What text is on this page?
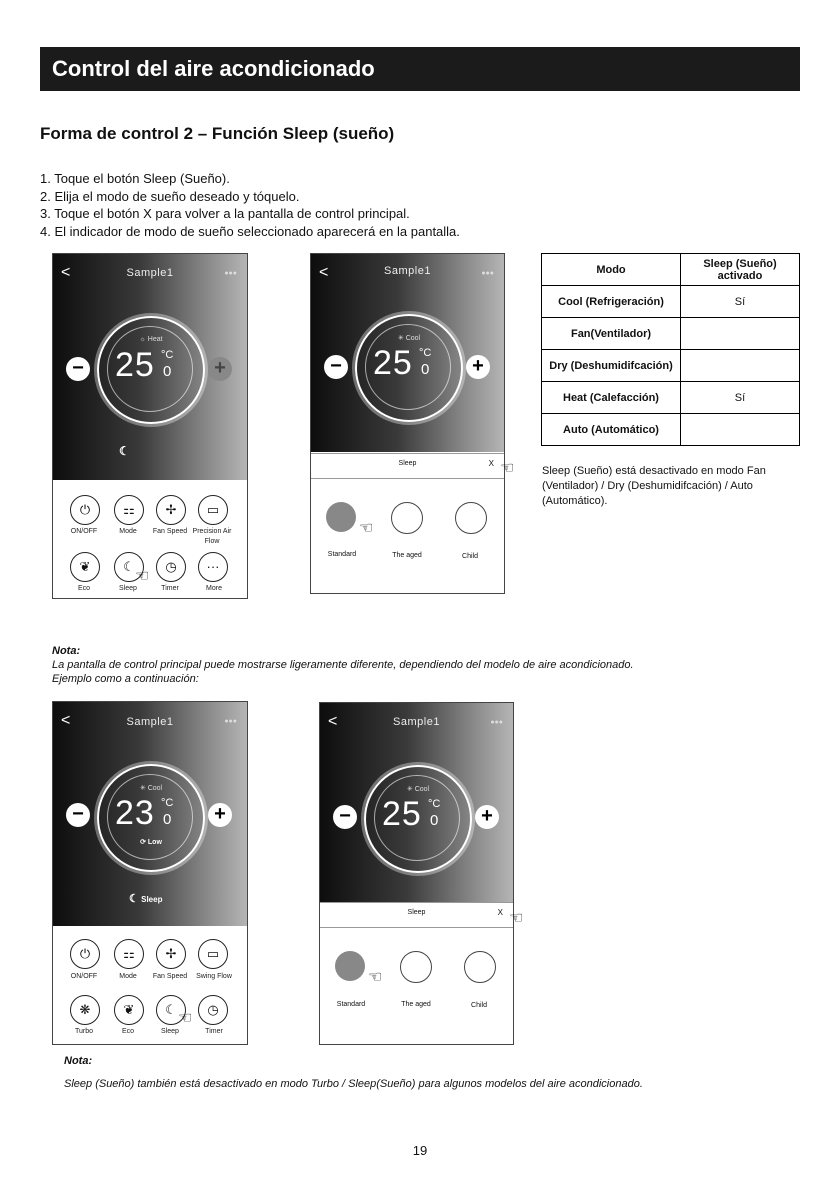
Control del aire acondicionado
Forma de control 2 – Función Sleep (sueño)
1. Toque el botón Sleep (Sueño).
2. Elija el modo de sueño deseado y tóquelo.
3. Toque el botón X para volver a la pantalla de control principal.
4. El indicador de modo de sueño seleccionado aparecerá en la pantalla.
<	Sample1	●●●
☼ Heat
25 °C
0
−	+
☾
⏻	⚏	✢	▭
ON/OFF	Mode	Fan Speed Precision Air Flow
❦	☾	◷	···
Eco	Sleep	Timer	More
☜
<	Sample1	●●●
✳ Cool
25 °C
0
−	+
Sleep	X
Standard	The aged	Child
☜
☜
Modo	Sleep (Sueño) activado
Cool (Refrigeración)	Sí
Fan(Ventilador)	
Dry (Deshumidifcación)	
Heat (Calefacción)	Sí
Auto (Automático)	
Sleep (Sueño) está desactivado en modo Fan (Ventilador) / Dry (Deshumidifcación) / Auto (Automático).
Nota:
La pantalla de control principal puede mostrarse ligeramente diferente, dependiendo del modelo de aire acondicionado.
Ejemplo como a continuación:
<	Sample1	●●●
✳ Cool
23 °C
0
⟳ Low
−	+
☾ Sleep
⏻	⚏	✢	▭
ON/OFF	Mode	Fan Speed	Swing Flow
❋	❦	☾	◷
Turbo	Eco	Sleep	Timer
☜
<	Sample1	●●●
✳ Cool
25 °C
0
−	+
Sleep	X
Standard	The aged	Child
☜
☜
Nota:
Sleep (Sueño) también está desactivado en modo Turbo / Sleep(Sueño) para algunos modelos del aire acondicionado.
19
